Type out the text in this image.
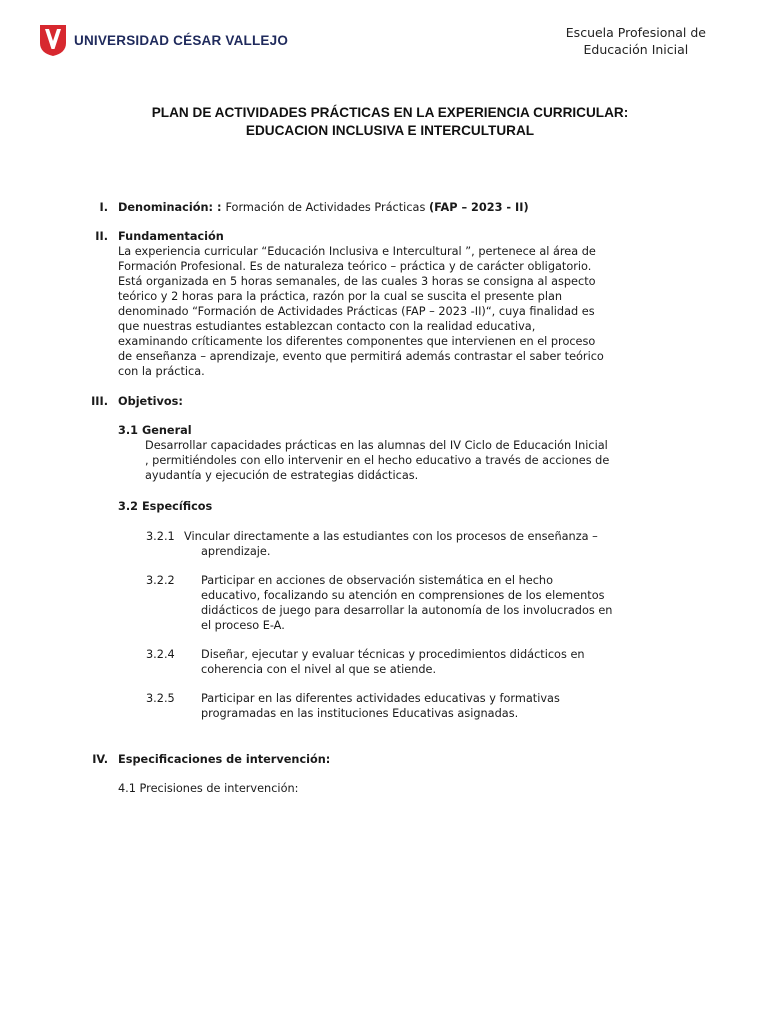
UNIVERSIDAD CÉSAR VALLEJO	Escuela Profesional de
Educación Inicial
PLAN DE ACTIVIDADES PRÁCTICAS EN LA EXPERIENCIA CURRICULAR:
EDUCACION INCLUSIVA E INTERCULTURAL
I. Denominación: : Formación de Actividades Prácticas (FAP – 2023 - II)
II. Fundamentación
La experiencia curricular “Educación Inclusiva e Intercultural ”, pertenece al área de
Formación Profesional. Es de naturaleza teórico – práctica y de carácter obligatorio.
Está organizada en 5 horas semanales, de las cuales 3 horas se consigna al aspecto
teórico y 2 horas para la práctica, razón por la cual se suscita el presente plan
denominado “Formación de Actividades Prácticas (FAP – 2023 -II)“, cuya finalidad es
que nuestras estudiantes establezcan contacto con la realidad educativa,
examinando críticamente los diferentes componentes que intervienen en el proceso
de enseñanza – aprendizaje, evento que permitirá además contrastar el saber teórico
con la práctica.
III. Objetivos:
3.1 General
Desarrollar capacidades prácticas en las alumnas del IV Ciclo de Educación Inicial
, permitiéndoles con ello intervenir en el hecho educativo a través de acciones de
ayudantía y ejecución de estrategias didácticas.
3.2 Específicos
3.2.1 Vincular directamente a las estudiantes con los procesos de enseñanza –
aprendizaje.
3.2.2 Participar en acciones de observación sistemática en el hecho
educativo, focalizando su atención en comprensiones de los elementos
didácticos de juego para desarrollar la autonomía de los involucrados en
el proceso E-A.
3.2.4 Diseñar, ejecutar y evaluar técnicas y procedimientos didácticos en
coherencia con el nivel al que se atiende.
3.2.5 Participar en las diferentes actividades educativas y formativas
programadas en las instituciones Educativas asignadas.
IV. Especificaciones de intervención:
4.1 Precisiones de intervención:
